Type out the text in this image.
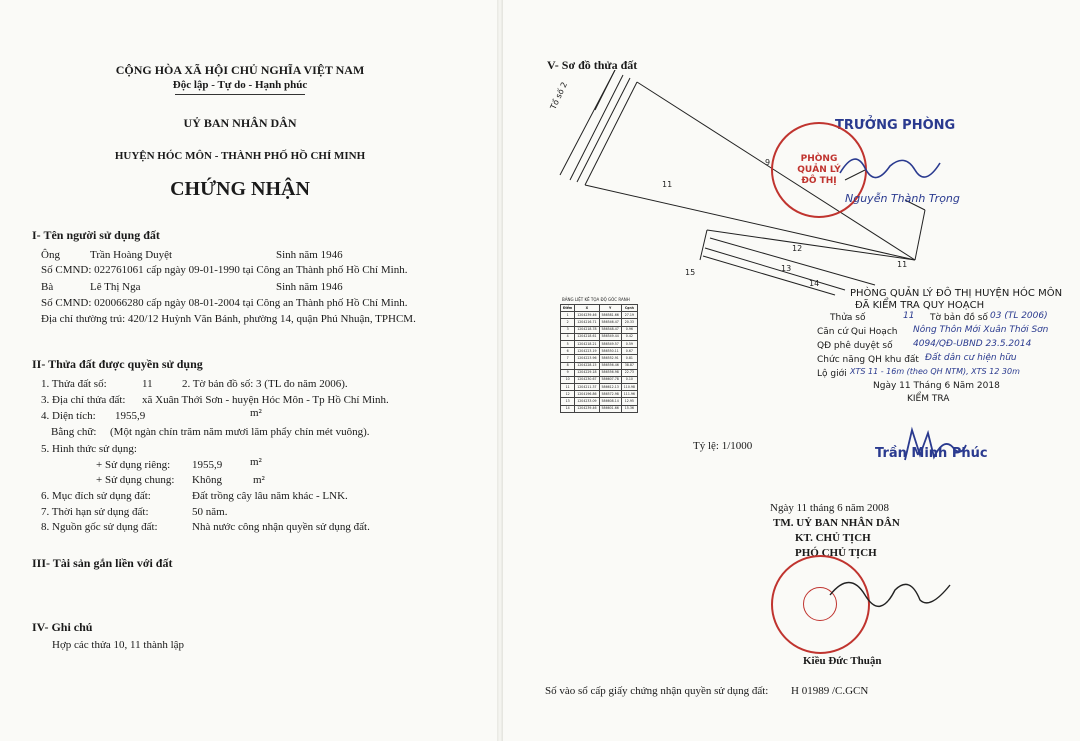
CỘNG HÒA XÃ HỘI CHỦ NGHĨA VIỆT NAM
Độc lập - Tự do - Hạnh phúc
UỶ BAN NHÂN DÂN
HUYỆN HÓC MÔN - THÀNH PHỐ HỒ CHÍ MINH
CHỨNG NHẬN
I- Tên người sử dụng đất
Ông	Trần Hoàng Duyệt	Sinh năm 1946
Số CMND: 022761061 cấp ngày 09-01-1990 tại Công an Thành phố Hồ Chí Minh.
Bà	Lê Thị Nga	Sinh năm 1946
Số CMND: 020066280 cấp ngày 08-01-2004 tại Công an Thành phố Hồ Chí Minh.
Địa chỉ thường trú: 420/12 Huỳnh Văn Bánh, phường 14, quận Phú Nhuận, TPHCM.
II- Thửa đất được quyền sử dụng
1. Thửa đất số:	11	2. Tờ bản đồ số: 3 (TL đo năm 2006).
3. Địa chỉ thửa đất: xã Xuân Thới Sơn - huyện Hóc Môn - Tp Hồ Chí Minh.
4. Diện tích: 1955,9	m²
Bằng chữ: (Một ngàn chín trăm năm mươi lăm phẩy chín mét vuông).
5. Hình thức sử dụng:
+ Sử dụng riêng: 1955,9	m²
+ Sử dụng chung: Không	m²
6. Mục đích sử dụng đất:	Đất trồng cây lâu năm khác - LNK.
7. Thời hạn sử dụng đất:	50 năm.
8. Nguồn gốc sử dụng đất:	Nhà nước công nhận quyền sử dụng đất.
III- Tài sản gắn liền với đất
IV- Ghi chú
Hợp các thửa 10, 11 thành lập
V- Sơ đồ thửa đất
Tổ số 2
11
12
13
14
15
9
11
BẢNG LIỆT KÊ TỌA ĐỘ GÓC RANH
Điểm	X	Y	Cạnh
1	1204239.46	586581.66	27.19
2	1204216.71	586546.47	20.33
3	1204218.78	586548.47	0.96
4	1204218.61	586549.44	0.42
5	1204218.21	586549.57	0.59
6	1204223.19	586550.11	0.67
7	1204223.96	586552.91	0.81
8	1204228.15	586556.46	38.87
9	1204229.18	586556.98	22.73
10	1204230.67	586607.78	0.10
11	1204211.37	586612.13	110.98
12	1204196.86	586572.98	111.96
13	1204233.09	586608.14	12.95
14	1204239.46	586601.66	15.36
Tỷ lệ: 1/1000
TRƯỞNG PHÒNG
PHÒNG QUẢN LÝ ĐÔ THỊ
Nguyễn Thành Trọng
PHÒNG QUẢN LÝ ĐÔ THỊ HUYỆN HÓC MÔN
ĐÃ KIỂM TRA QUY HOẠCH
Thửa số	11 Tờ bản đồ số 03 (TL 2006)
Căn cứ Qui Hoạch Nông Thôn Mới Xuân Thới Sơn
QĐ phê duyệt số 4094/QĐ-UBND 23.5.2014
Chức năng QH khu đất Đất dân cư hiện hữu
Lộ giới XTS 11 - 16m (theo QH NTM), XTS 12 30m
Ngày 11 Tháng 6 Năm 2018
KIỂM TRA
Trần Minh Phúc
Ngày 11 tháng 6 năm 2008
TM. UỶ BAN NHÂN DÂN
KT. CHỦ TỊCH
PHÓ CHỦ TỊCH
Kiều Đức Thuận
Số vào sổ cấp giấy chứng nhận quyền sử dụng đất: H 01989 /C.GCN
